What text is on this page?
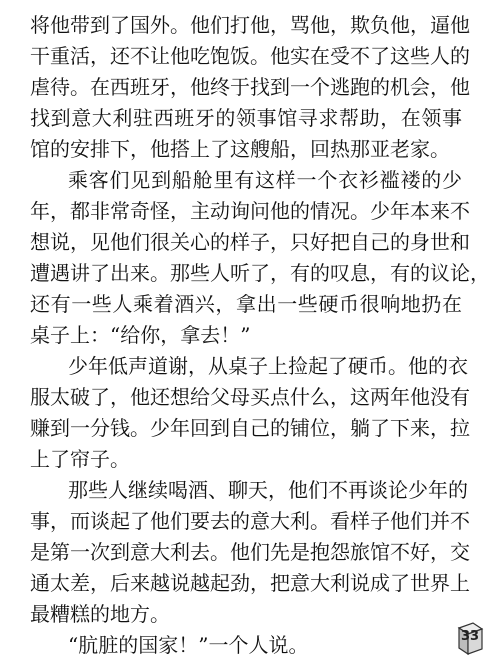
将他带到了国外。他们打他，骂他，欺负他，逼他
干重活，还不让他吃饱饭。他实在受不了这些人的
虐待。在西班牙，他终于找到一个逃跑的机会，他
找到意大利驻西班牙的领事馆寻求帮助，在领事
馆的安排下，他搭上了这艘船，回热那亚老家。
乘客们见到船舱里有这样一个衣衫褴褛的少
年，都非常奇怪，主动询问他的情况。少年本来不
想说，见他们很关心的样子，只好把自己的身世和
遭遇讲了出来。那些人听了，有的叹息，有的议论，
还有一些人乘着酒兴，拿出一些硬币很响地扔在
桌子上：“给你，拿去！”
少年低声道谢，从桌子上捡起了硬币。他的衣
服太破了，他还想给父母买点什么，这两年他没有
赚到一分钱。少年回到自己的铺位，躺了下来，拉
上了帘子。
那些人继续喝酒、聊天，他们不再谈论少年的
事，而谈起了他们要去的意大利。看样子他们并不
是第一次到意大利去。他们先是抱怨旅馆不好，交
通太差，后来越说越起劲，把意大利说成了世界上
最糟糕的地方。
“肮脏的国家！”一个人说。	33
